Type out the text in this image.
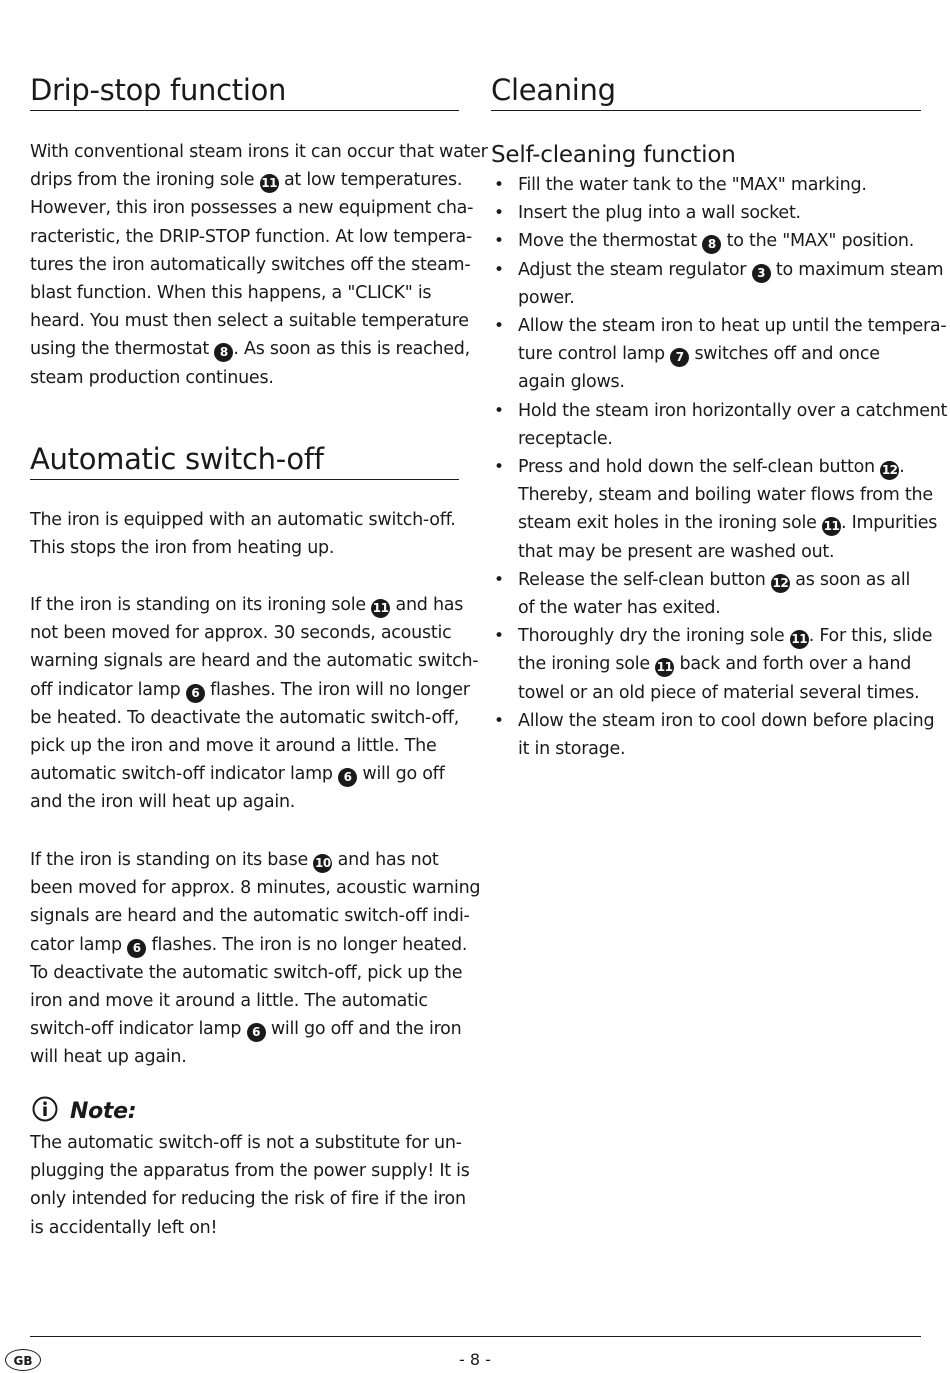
Drip-stop function
With conventional steam irons it can occur that water
drips from the ironing sole 11 at low temperatures.
However, this iron possesses a new equipment cha-
racteristic, the DRIP-STOP function. At low tempera-
tures the iron automatically switches off the steam-
blast function. When this happens, a "CLICK" is
heard. You must then select a suitable temperature
using the thermostat 8 . As soon as this is reached,
steam production continues.
Automatic switch-off
The iron is equipped with an automatic switch-off.
This stops the iron from heating up.
If the iron is standing on its ironing sole 11 and has
not been moved for approx. 30 seconds, acoustic
warning signals are heard and the automatic switch-
off indicator lamp 6 flashes. The iron will no longer
be heated. To deactivate the automatic switch-off,
pick up the iron and move it around a little. The
automatic switch-off indicator lamp 6 will go off
and the iron will heat up again.
If the iron is standing on its base 10 and has not
been moved for approx. 8 minutes, acoustic warning
signals are heard and the automatic switch-off indi-
cator lamp 6 flashes. The iron is no longer heated.
To deactivate the automatic switch-off, pick up the
iron and move it around a little. The automatic
switch-off indicator lamp 6 will go off and the iron
will heat up again.
Note:
The automatic switch-off is not a substitute for un-
plugging the apparatus from the power supply! It is
only intended for reducing the risk of fire if the iron
is accidentally left on!
Cleaning
Self-cleaning function
• Fill the water tank to the "MAX" marking.
• Insert the plug into a wall socket.
• Move the thermostat 8 to the "MAX" position.
• Adjust the steam regulator 3 to maximum steam
power.
• Allow the steam iron to heat up until the tempera-
ture control lamp 7 switches off and once
again glows.
• Hold the steam iron horizontally over a catchment
receptacle.
• Press and hold down the self-clean button 12.
Thereby, steam and boiling water flows from the
steam exit holes in the ironing sole 11. Impurities
that may be present are washed out.
• Release the self-clean button 12 as soon as all
of the water has exited.
• Thoroughly dry the ironing sole 11. For this, slide
the ironing sole 11 back and forth over a hand
towel or an old piece of material several times.
• Allow the steam iron to cool down before placing
it in storage.
GB	- 8 -
